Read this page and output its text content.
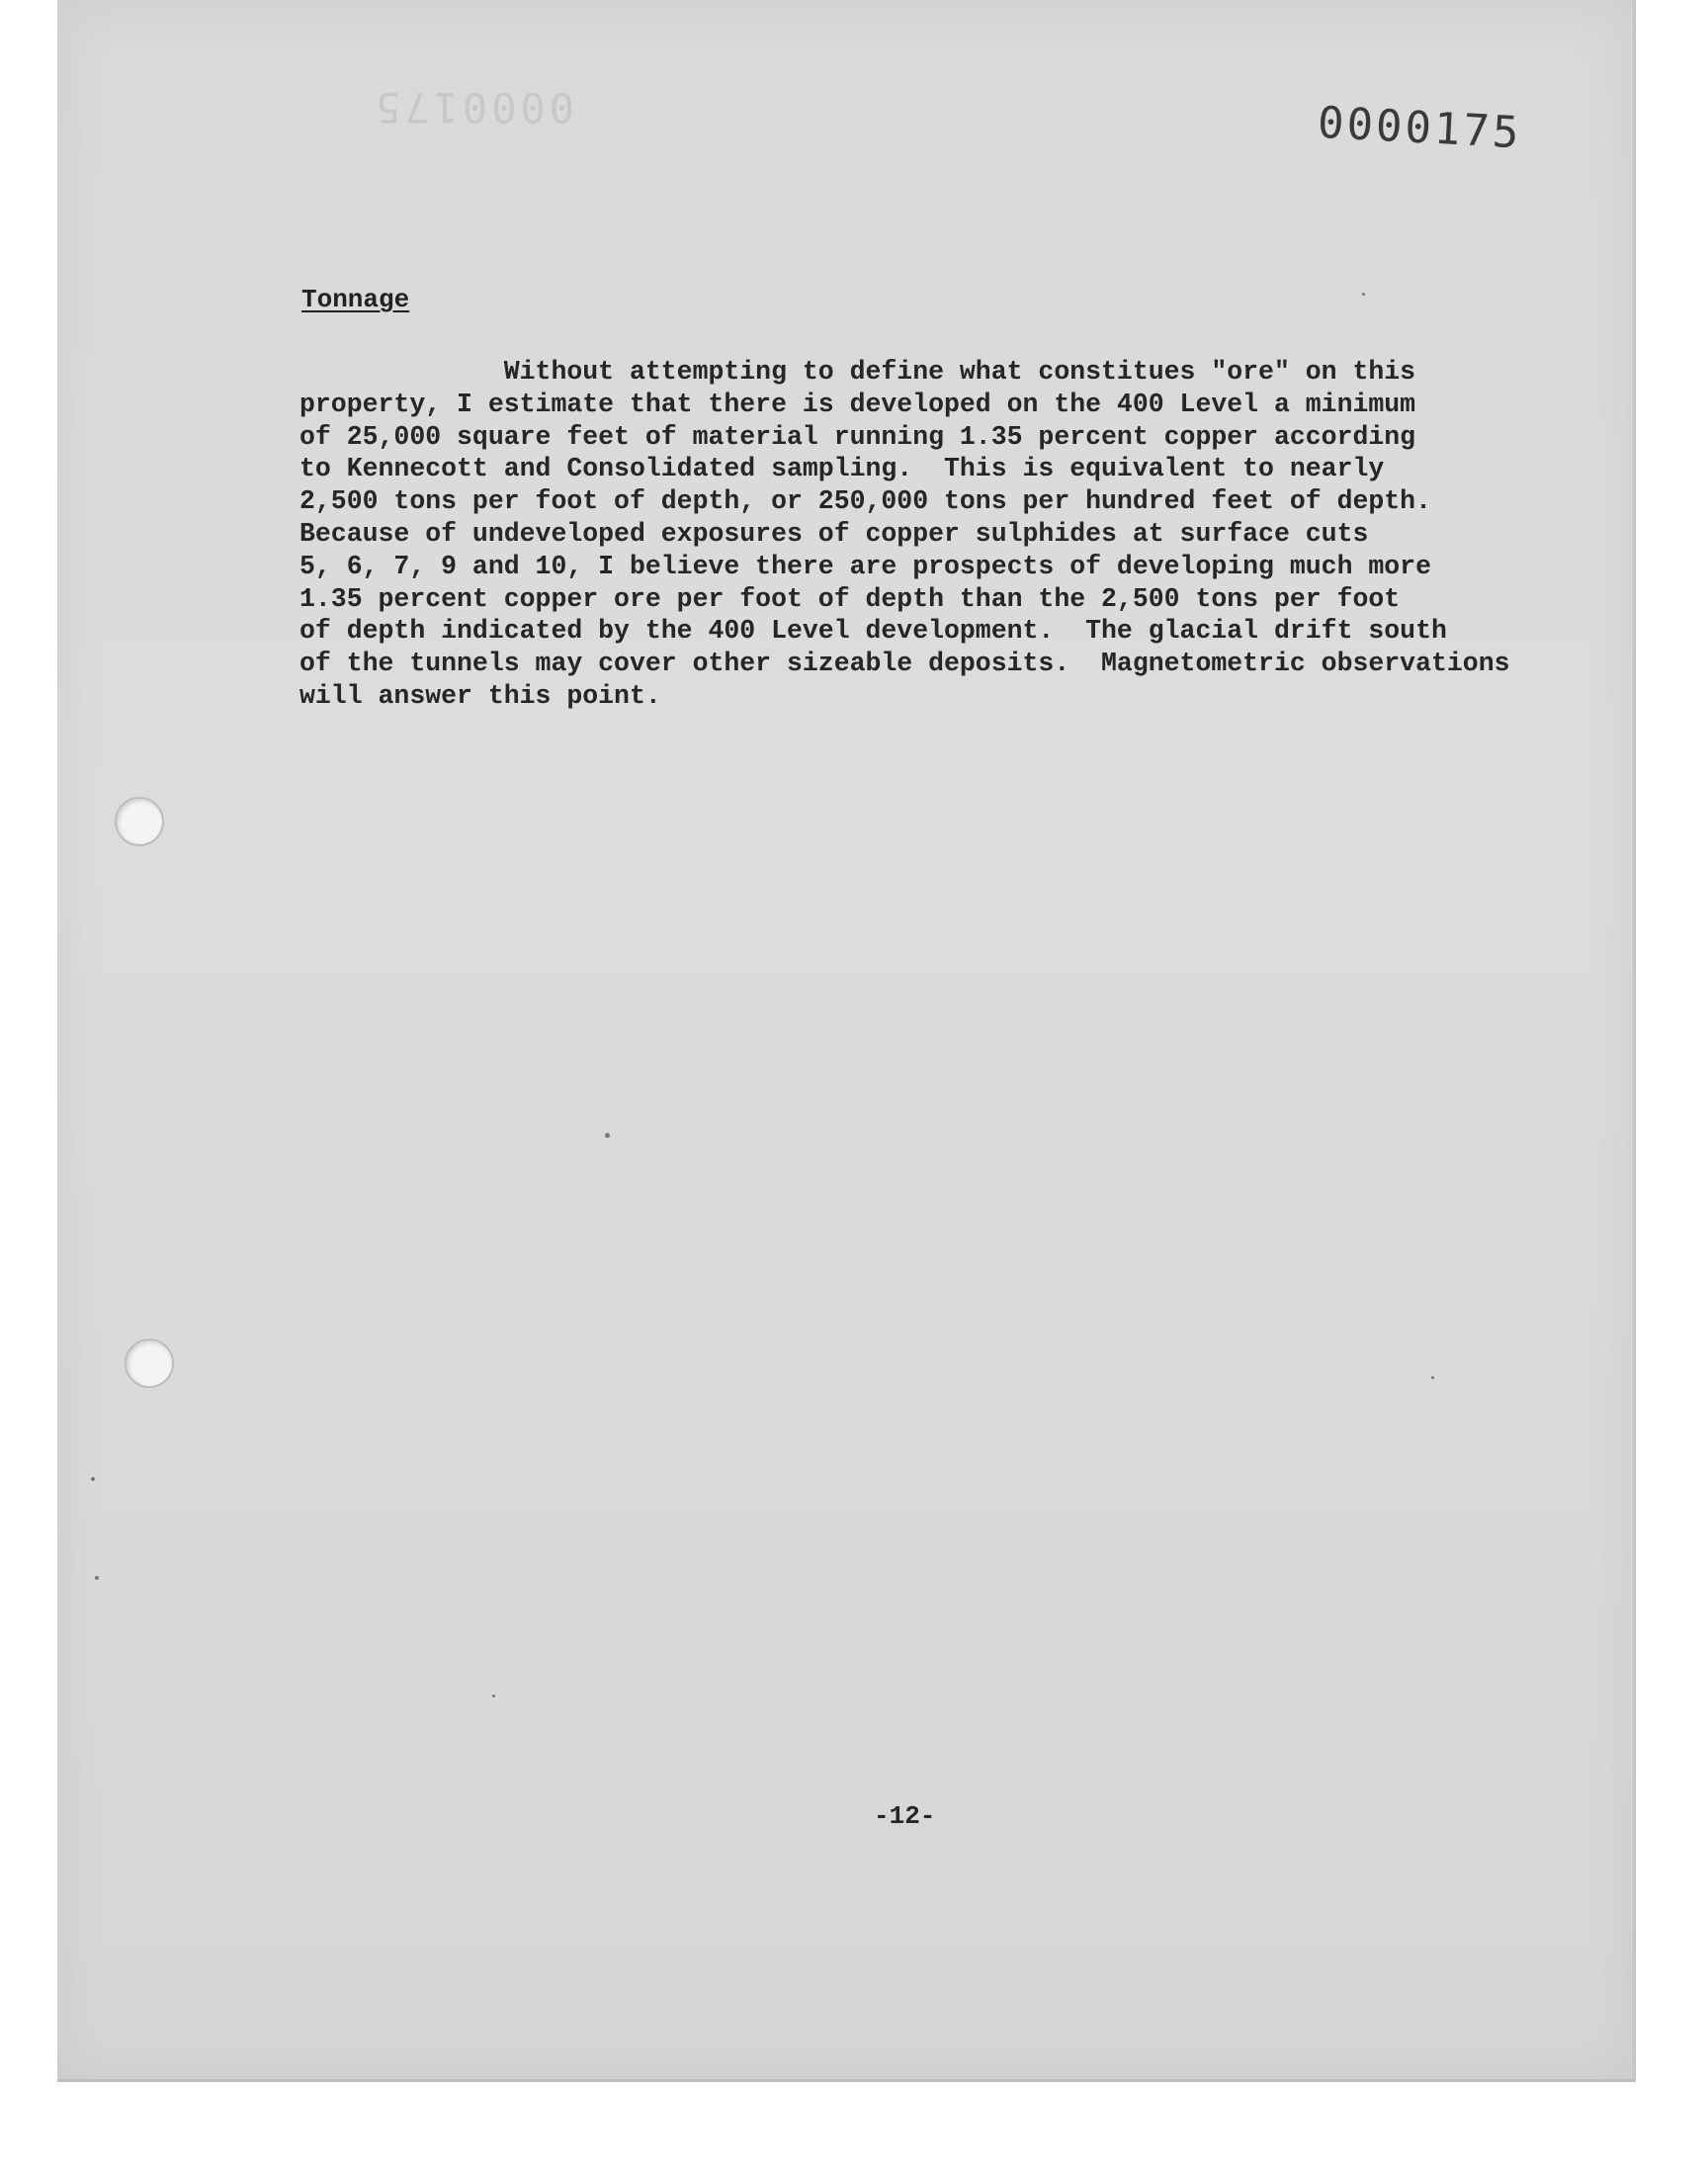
0000175	0000175
Tonnage
Without attempting to define what constitues "ore" on this
property, I estimate that there is developed on the 400 Level a minimum
of 25,000 square feet of material running 1.35 percent copper according
to Kennecott and Consolidated sampling.  This is equivalent to nearly
2,500 tons per foot of depth, or 250,000 tons per hundred feet of depth.
Because of undeveloped exposures of copper sulphides at surface cuts
5, 6, 7, 9 and 10, I believe there are prospects of developing much more
1.35 percent copper ore per foot of depth than the 2,500 tons per foot
of depth indicated by the 400 Level development.  The glacial drift south
of the tunnels may cover other sizeable deposits.  Magnetometric observations
will answer this point.
-12-
